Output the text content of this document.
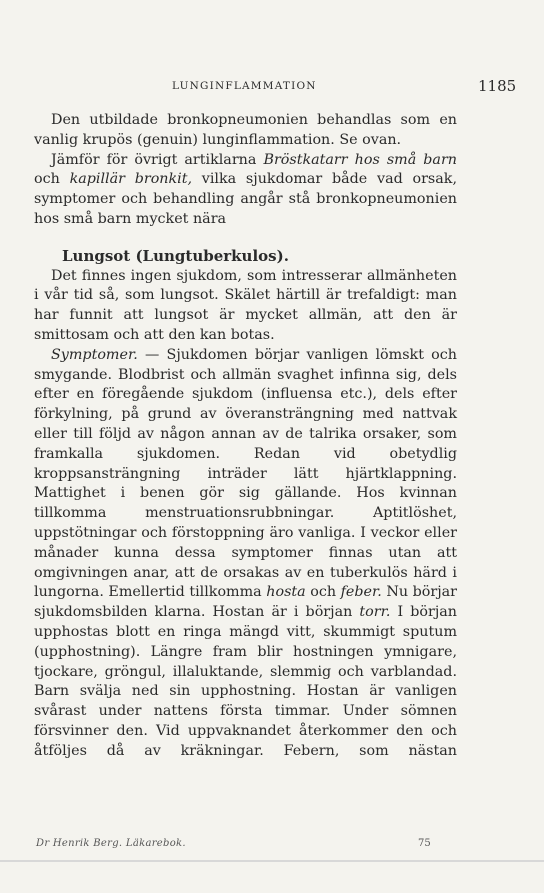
LUNGINFLAMMATION	1185

Den utbildade bronkopneumonien behandlas som en vanlig krupös (genuin) lunginflammation. Se ovan.

Jämför för övrigt artiklarna Bröstkatarr hos små barn och kapillär bronkit, vilka sjukdomar både vad orsak, symptomer och behandling angår stå bronkopneumonien hos små barn mycket nära

Lungsot (Lungtuberkulos).

Det finnes ingen sjukdom, som intresserar allmänheten i vår tid så, som lungsot. Skälet härtill är trefaldigt: man har funnit att lungsot är mycket allmän, att den är smittosam och att den kan botas.

Symptomer. — Sjukdomen börjar vanligen lömskt och smygande. Blodbrist och allmän svaghet infinna sig, dels efter en föregående sjukdom (influensa etc.), dels efter förkylning, på grund av överansträngning med nattvak eller till följd av någon annan av de talrika orsaker, som framkalla sjukdomen. Redan vid obetydlig kroppsansträngning inträder lätt hjärtklappning. Mattighet i benen gör sig gällande. Hos kvinnan tillkomma menstruationsrubbningar. Aptitlöshet, uppstötningar och förstoppning äro vanliga. I veckor eller månader kunna dessa symptomer finnas utan att omgivningen anar, att de orsakas av en tuberkulös härd i lungorna. Emellertid tillkomma hosta och feber. Nu börjar sjukdomsbilden klarna. Hostan är i början torr. I början upphostas blott en ringa mängd vitt, skummigt sputum (upphostning). Längre fram blir hostningen ymnigare, tjockare, gröngul, illaluktande, slemmig och varblandad. Barn svälja ned sin upphostning. Hostan är vanligen svårast under nattens första timmar. Under sömnen försvinner den. Vid uppvaknandet återkommer den och åtföljes då av kräkningar. Febern, som nästan

Dr Henrik Berg. Läkarebok.	75
